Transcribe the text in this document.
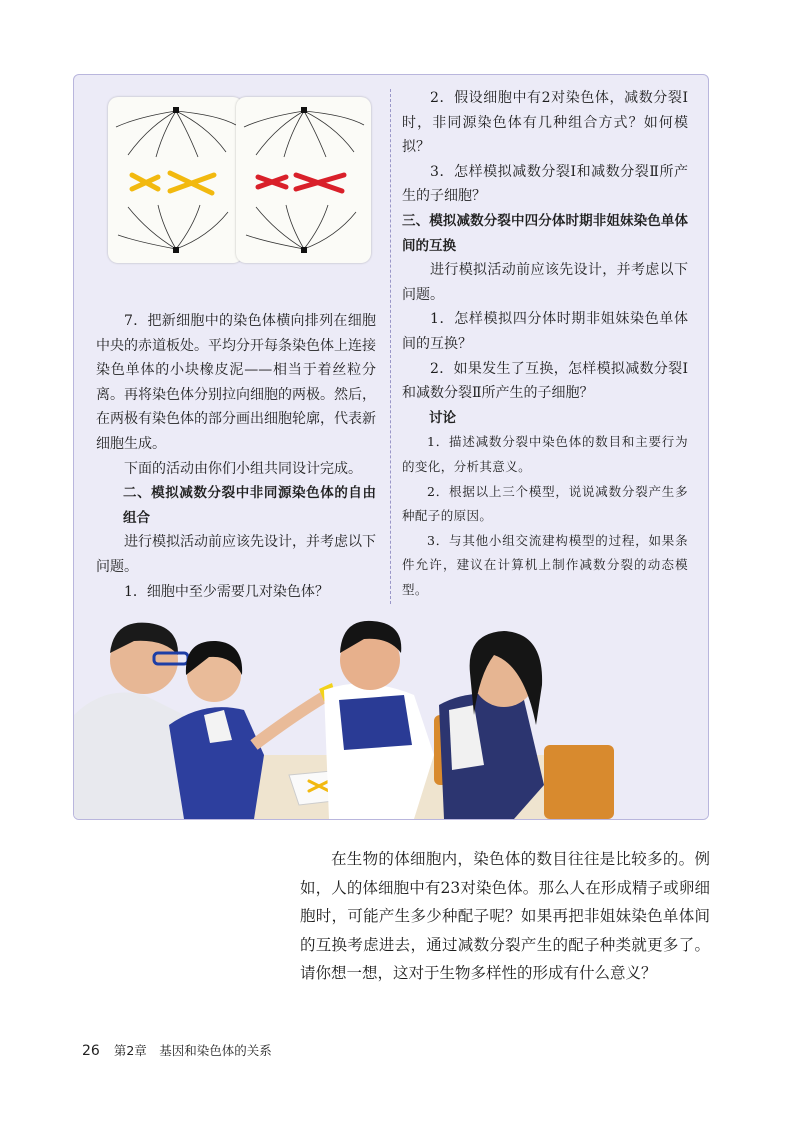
7．把新细胞中的染色体横向排列在细胞中央的赤道板处。平均分开每条染色体上连接染色单体的小块橡皮泥——相当于着丝粒分离。再将染色体分别拉向细胞的两极。然后，在两极有染色体的部分画出细胞轮廓，代表新细胞生成。

下面的活动由你们小组共同设计完成。

二、模拟减数分裂中非同源染色体的自由组合

进行模拟活动前应该先设计，并考虑以下问题。

1．细胞中至少需要几对染色体？

2．假设细胞中有2对染色体，减数分裂Ⅰ时，非同源染色体有几种组合方式？如何模拟？

3．怎样模拟减数分裂Ⅰ和减数分裂Ⅱ所产生的子细胞？

三、模拟减数分裂中四分体时期非姐妹染色单体间的互换

进行模拟活动前应该先设计，并考虑以下问题。

1．怎样模拟四分体时期非姐妹染色单体间的互换？

2．如果发生了互换，怎样模拟减数分裂Ⅰ和减数分裂Ⅱ所产生的子细胞？

讨论

1．描述减数分裂中染色体的数目和主要行为的变化，分析其意义。

2．根据以上三个模型，说说减数分裂产生多种配子的原因。

3．与其他小组交流建构模型的过程，如果条件允许，建议在计算机上制作减数分裂的动态模型。

在生物的体细胞内，染色体的数目往往是比较多的。例如，人的体细胞中有23对染色体。那么人在形成精子或卵细胞时，可能产生多少种配子呢？如果再把非姐妹染色单体间的互换考虑进去，通过减数分裂产生的配子种类就更多了。请你想一想，这对于生物多样性的形成有什么意义？

26 第2章　基因和染色体的关系
